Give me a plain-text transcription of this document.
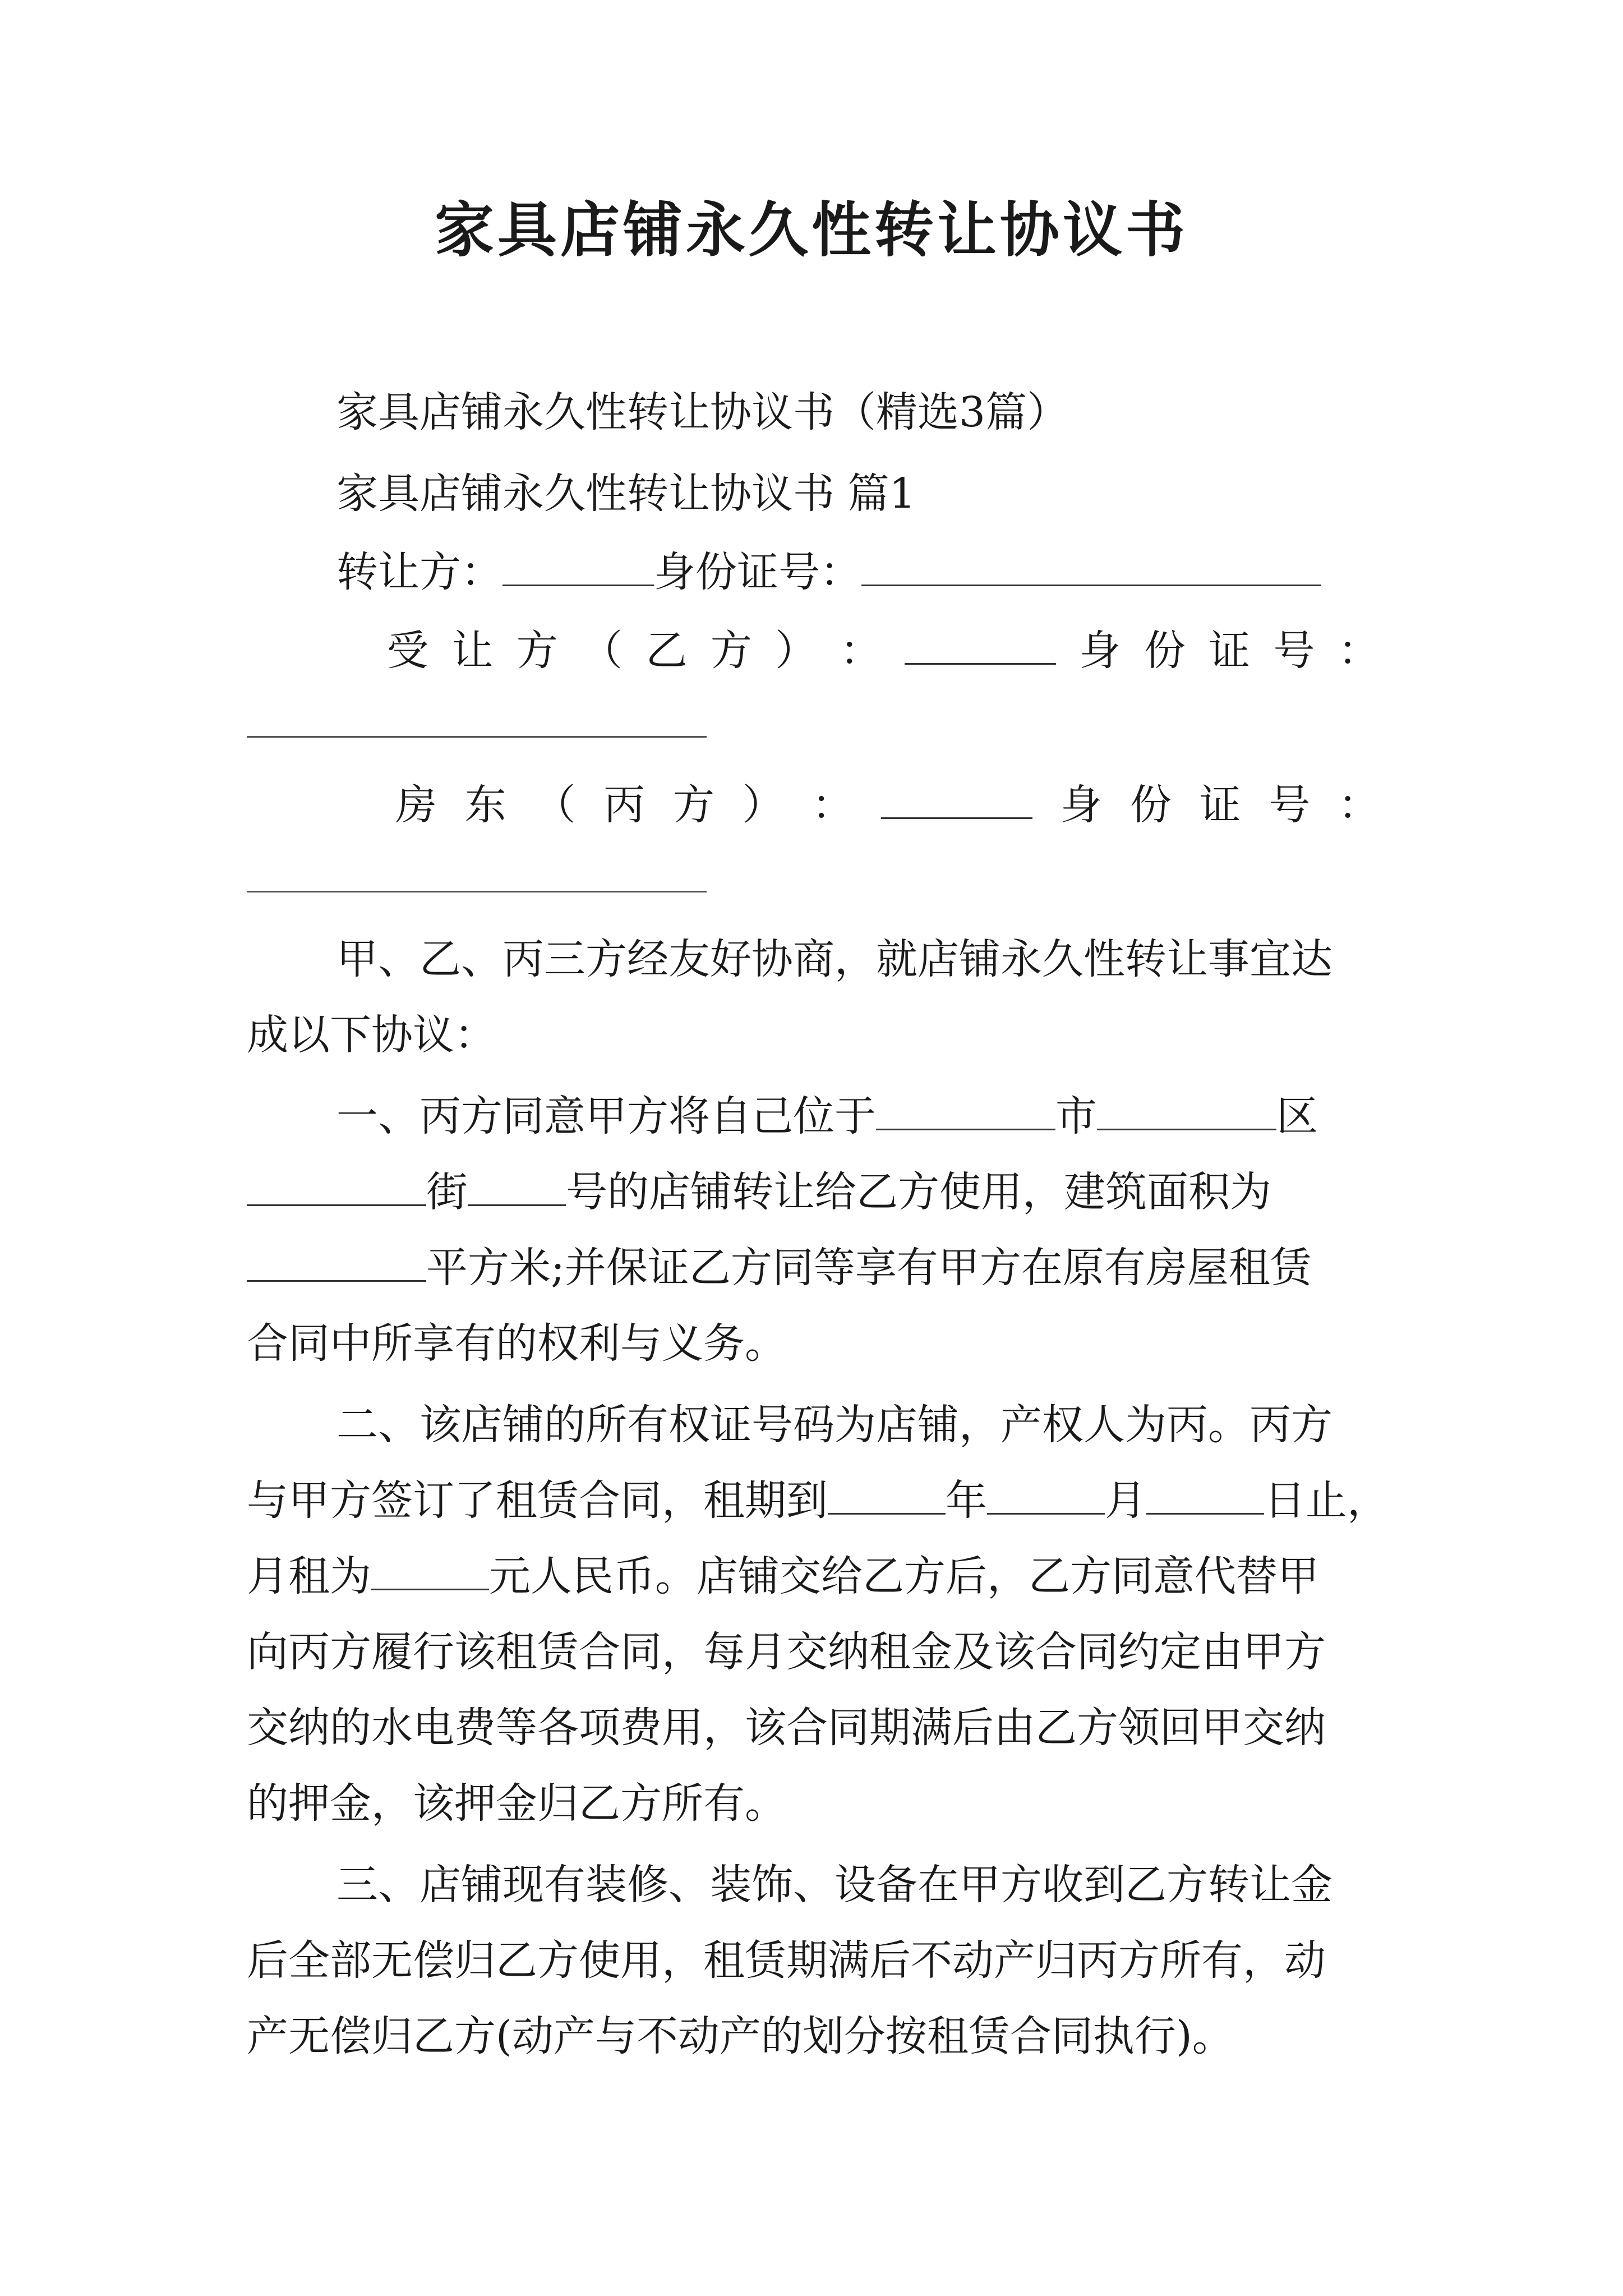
家具店铺永久性转让协议书
家具店铺永久性转让协议书（精选3篇）
家具店铺永久性转让协议书 篇1
转让方：	身份证号：
受 让 方 （ 乙 方 ） ：	身 份 证 号 ：
房 东 （ 丙 方 ） ：	身 份 证 号 ：
甲、乙、丙三方经友好协商，就店铺永久性转让事宜达
成以下协议：
一、丙方同意甲方将自己位于	市	区
街 号的店铺转让给乙方使用，建筑面积为
平方米;并保证乙方同等享有甲方在原有房屋租赁
合同中所享有的权利与义务。
二、该店铺的所有权证号码为店铺，产权人为丙。丙方
与甲方签订了租赁合同，租期到	年	月	日止，
月租为	元人民币。店铺交给乙方后，乙方同意代替甲
向丙方履行该租赁合同，每月交纳租金及该合同约定由甲方
交纳的水电费等各项费用，该合同期满后由乙方领回甲交纳
的押金，该押金归乙方所有。
三、店铺现有装修、装饰、设备在甲方收到乙方转让金
后全部无偿归乙方使用，租赁期满后不动产归丙方所有，动
产无偿归乙方(动产与不动产的划分按租赁合同执行)。
